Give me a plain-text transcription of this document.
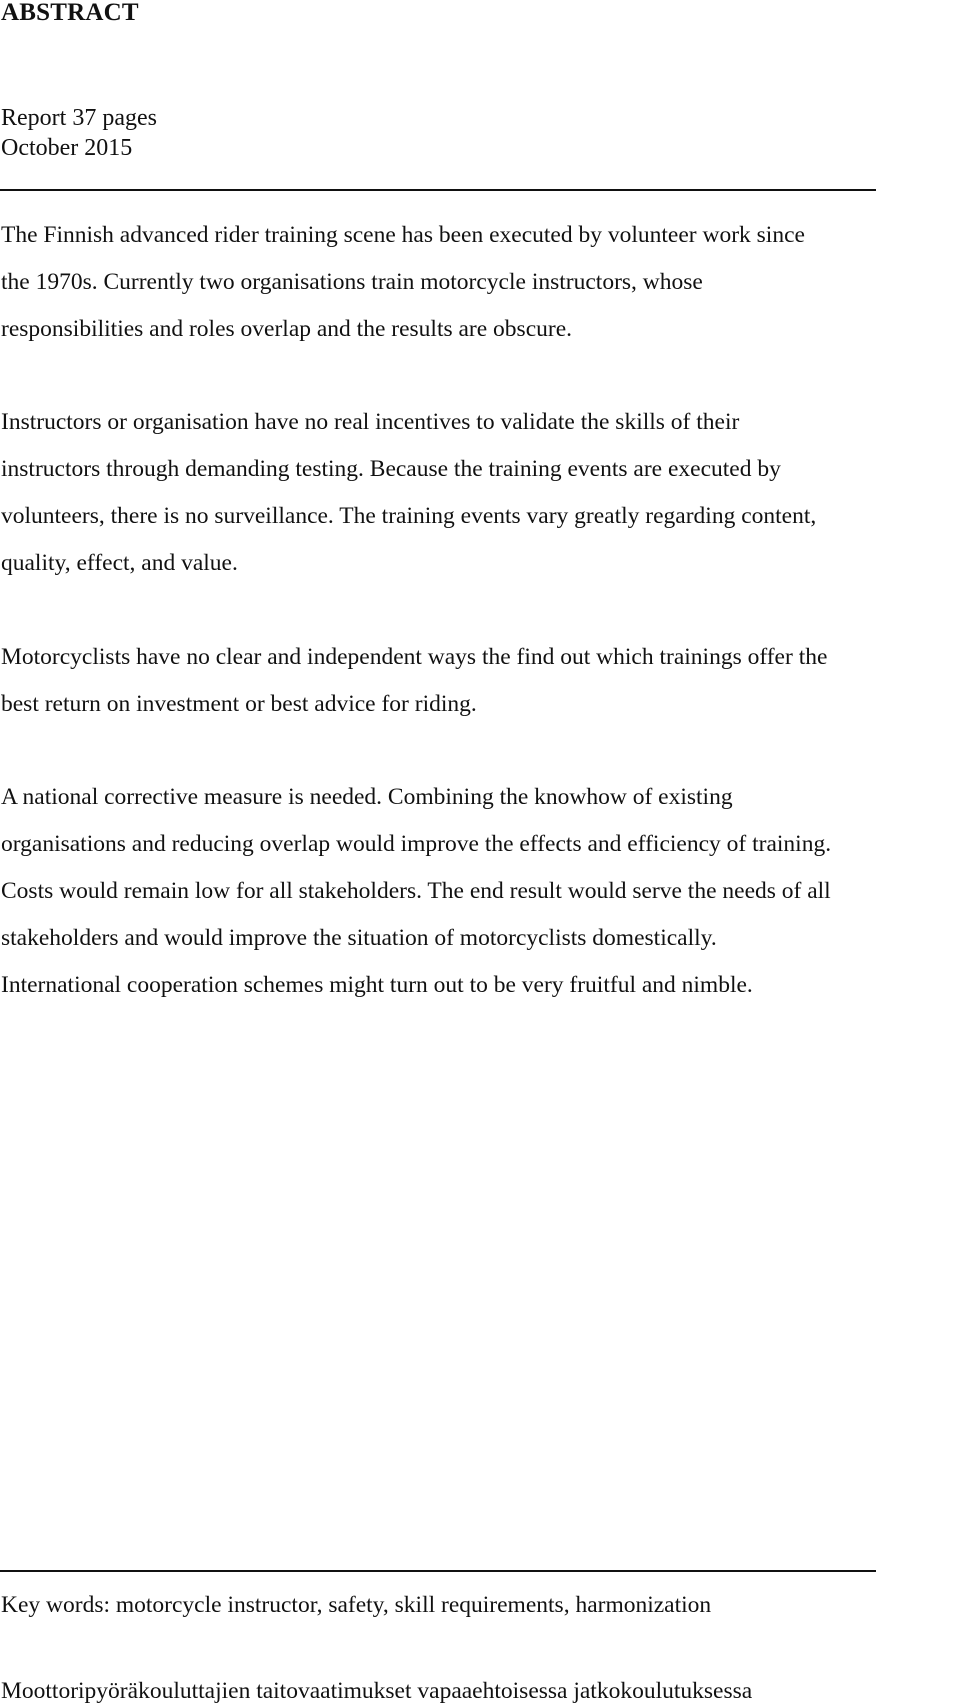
ABSTRACT

Report 37 pages

October 2015

The Finnish advanced rider training scene has been executed by volunteer work since
the 1970s. Currently two organisations train motorcycle instructors, whose
responsibilities and roles overlap and the results are obscure.
Instructors or organisation have no real incentives to validate the skills of their
instructors through demanding testing. Because the training events are executed by
volunteers, there is no surveillance. The training events vary greatly regarding content,
quality, effect, and value.
Motorcyclists have no clear and independent ways the find out which trainings offer the
best return on investment or best advice for riding.
A national corrective measure is needed. Combining the knowhow of existing
organisations and reducing overlap would improve the effects and efficiency of training.
Costs would remain low for all stakeholders. The end result would serve the needs of all
stakeholders and would improve the situation of motorcyclists domestically.
International cooperation schemes might turn out to be very fruitful and nimble.

Key words: motorcycle instructor, safety, skill requirements, harmonization

Moottoripyöräkouluttajien taitovaatimukset vapaaehtoisessa jatkokoulutuksessa
